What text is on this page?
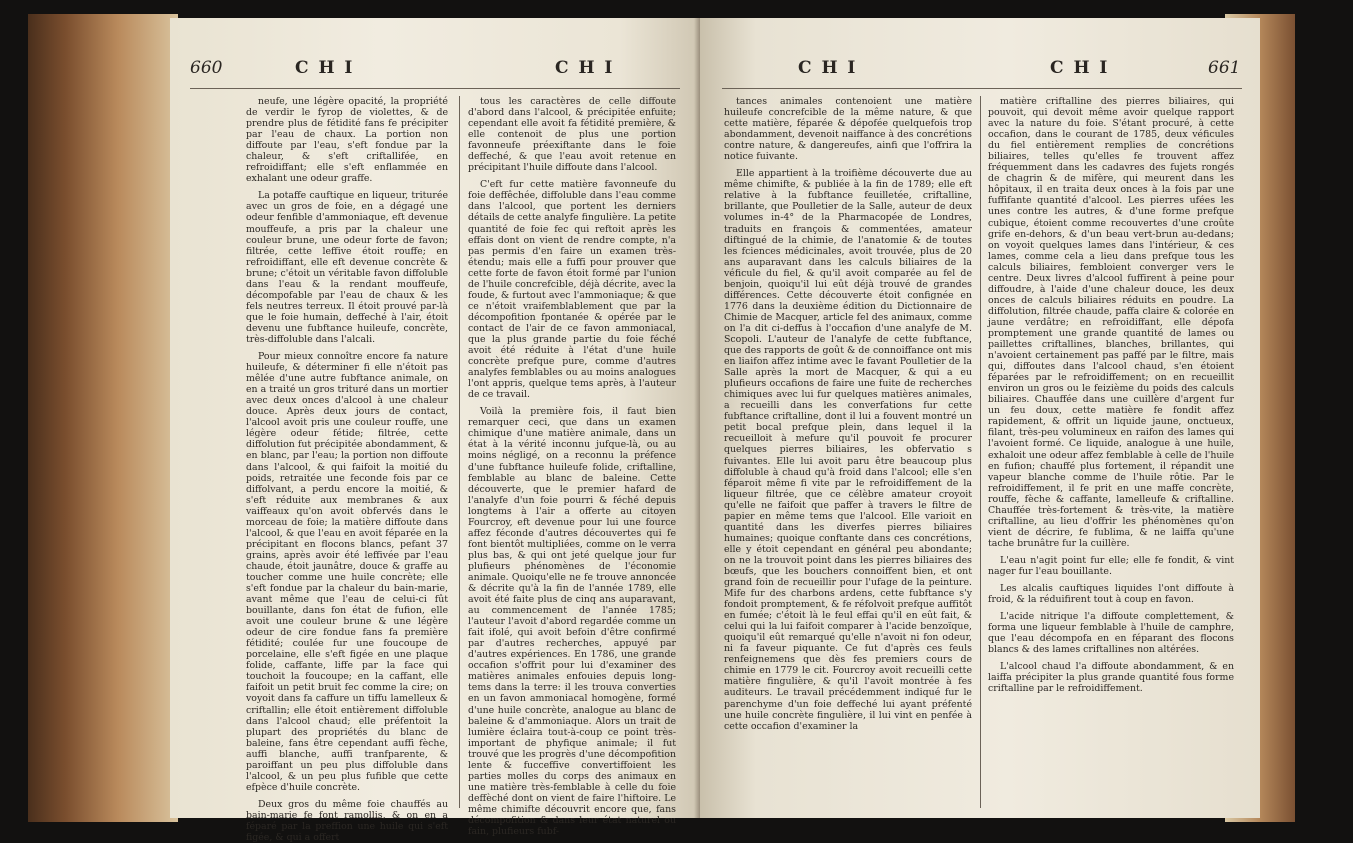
660	C H I	C H I

neufe, une légère opacité, la propriété de verdir le fyrop de violettes, & de prendre plus de fétidité fans fe précipiter par l'eau de chaux. La portion non diffoute par l'eau, s'eft fondue par la chaleur, & s'eft criftallifée, en refroidiffant; elle s'eft enflammée en exhalant une odeur graffe.

La potaffe cauftique en liqueur, triturée avec un gros de foie, en a dégagé une odeur fenfible d'ammoniaque, eft devenue mouffeufe, a pris par la chaleur une couleur brune, une odeur forte de favon; filtrée, cette leffive étoit rouffe; en refroidiffant, elle eft devenue concrète & brune; c'étoit un véritable favon diffoluble dans l'eau & la rendant mouffeufe, décompofable par l'eau de chaux & les fels neutres terreux. Il étoit prouvé par-là que le foie humain, deffeché à l'air, étoit devenu une fubftance huileufe, concrète, très-diffoluble dans l'alcali.

Pour mieux connoître encore fa nature huileufe, & déterminer fi elle n'étoit pas mêlée d'une autre fubftance animale, on en a traité un gros trituré dans un mortier avec deux onces d'alcool à une chaleur douce. Après deux jours de contact, l'alcool avoit pris une couleur rouffe, une légère odeur fétide; filtrée, cette diffolution fut précipitée abondamment, & en blanc, par l'eau; la portion non diffoute dans l'alcool, & qui faifoit la moitié du poids, retraitée une feconde fois par ce diffolvant, a perdu encore la moitié, & s'eft réduite aux membranes & aux vaiffeaux qu'on avoit obfervés dans le morceau de foie; la matière diffoute dans l'alcool, & que l'eau en avoit féparée en la précipitant en flocons blancs, pefant 37 grains, après avoir été leffivée par l'eau chaude, étoit jaunâtre, douce & graffe au toucher comme une huile concrète; elle s'eft fondue par la chaleur du bain-marie, avant même que l'eau de celui-ci fût bouillante, dans fon état de fufion, elle avoit une couleur brune & une légère odeur de cire fondue fans fa première fétidité; coulée fur une foucoupe de porcelaine, elle s'eft figée en une plaque folide, caffante, liffe par la face qui touchoit la foucoupe; en la caffant, elle faifoit un petit bruit fec comme la cire; on voyoit dans fa caffure un tiffu lamelleux & criftallin; elle étoit entièrement diffoluble dans l'alcool chaud; elle préfentoit la plupart des propriétés du blanc de baleine, fans être cependant auffi fèche, auffi blanche, auffi tranfparente, & paroiffant un peu plus diffoluble dans l'alcool, & un peu plus fufible que cette efpèce d'huile concrète.

Deux gros du même foie chauffés au bain-marie fe font ramollis, & on en a féparé par la preffion une huile qui s'eft figée, & qui a offert

tous les caractères de celle diffoute d'abord dans l'alcool, & précipitée enfuite; cependant elle avoit fa fétidité première, & elle contenoit de plus une portion favonneufe préexiftante dans le foie deffeché, & que l'eau avoit retenue en précipitant l'huile diffoute dans l'alcool.

C'eft fur cette matière favonneufe du foie deffêchée, diffoluble dans l'eau comme dans l'alcool, que portent les derniers détails de cette analyfe fingulière. La petite quantité de foie fec qui reftoit après les effais dont on vient de rendre compte, n'a pas permis d'en faire un examen très-étendu; mais elle a fuffi pour prouver que cette forte de favon étoit formé par l'union de l'huile concrefcible, déjà décrite, avec la foude, & furtout avec l'ammoniaque; & que ce n'étoit vraifemblablement que par la décompofition fpontanée & opérée par le contact de l'air de ce favon ammoniacal, que la plus grande partie du foie féché avoit été réduite à l'état d'une huile concrète prefque pure, comme d'autres analyfes femblables ou au moins analogues l'ont appris, quelque tems après, à l'auteur de ce travail.

Voilà la première fois, il faut bien remarquer ceci, que dans un examen chimique d'une matière animale, dans un état à la vérité inconnu jufque-là, ou au moins négligé, on a reconnu la préfence d'une fubftance huileufe folide, criftalline, femblable au blanc de baleine. Cette découverte, que le premier hafard de l'analyfe d'un foie pourri & féché depuis longtems à l'air a offerte au citoyen Fourcroy, eft devenue pour lui une fource affez féconde d'autres découvertes qui fe font bientôt multipliées, comme on le verra plus bas, & qui ont jeté quelque jour fur plufieurs phénomènes de l'économie animale. Quoiqu'elle ne fe trouve annoncée & décrite qu'à la fin de l'année 1789, elle avoit été faite plus de cinq ans auparavant, au commencement de l'année 1785; l'auteur l'avoit d'abord regardée comme un fait ifolé, qui avoit befoin d'être confirmé par d'autres recherches, appuyé par d'autres expériences. En 1786, une grande occafion s'offrit pour lui d'examiner des matières animales enfouies depuis long-tems dans la terre: il les trouva converties en un favon ammoniacal homogène, formé d'une huile concrète, analogue au blanc de baleine & d'ammoniaque. Alors un trait de lumière éclaira tout-à-coup ce point très-important de phyfique animale; il fut trouvé que les progrès d'une décompofition lente & fucceffive convertiffoient les parties molles du corps des animaux en une matière très-femblable à celle du foie deffèché dont on vient de faire l'hiftoire. Le même chimifte découvrit encore que, fans décompofition & dans leur état naturel ou fain, plufieurs fubf-

C H I	C H I	661

tances animales contenoient une matière huileufe concrefcible de la même nature, & que cette matière, féparée & dépofée quelquefois trop abondamment, devenoit naiffance à des concrétions contre nature, & dangereufes, ainfi que l'offrira la notice fuivante.

Elle appartient à la troifième découverte due au même chimifte, & publiée à la fin de 1789; elle eft relative à la fubftance feuilletée, criftalline, brillante, que Poulletier de la Salle, auteur de deux volumes in-4° de la Pharmacopée de Londres, traduits en françois & commentées, amateur diftingué de la chimie, de l'anatomie & de toutes les fciences médicinales, avoit trouvée, plus de 20 ans auparavant dans les calculs biliaires de la véficule du fiel, & qu'il avoit comparée au fel de benjoin, quoiqu'il lui eût déjà trouvé de grandes différences. Cette découverte étoit confignée en 1776 dans la deuxième édition du Dictionnaire de Chimie de Macquer, article fel des animaux, comme on l'a dit ci-deffus à l'occafion d'une analyfe de M. Scopoli. L'auteur de l'analyfe de cette fubftance, que des rapports de goût & de connoiffance ont mis en liaifon affez intime avec le favant Poulletier de la Salle après la mort de Macquer, & qui a eu plufieurs occafions de faire une fuite de recherches chimiques avec lui fur quelques matières animales, a recueilli dans les converfations fur cette fubftance criftalline, dont il lui a fouvent montré un petit bocal prefque plein, dans lequel il la recueilloit à mefure qu'il pouvoit fe procurer quelques pierres biliaires, les obfervatio s fuivantes. Elle lui avoit paru être beaucoup plus diffoluble à chaud qu'à froid dans l'alcool; elle s'en féparoit même fi vite par le refroidiffement de la liqueur filtrée, que ce célèbre amateur croyoit qu'elle ne faifoit que paffer à travers le filtre de papier en même tems que l'alcool. Elle varioit en quantité dans les diverfes pierres biliaires humaines; quoique conftante dans ces concrétions, elle y étoit cependant en général peu abondante; on ne la trouvoit point dans les pierres biliaires des bœufs, que les bouchers connoiffent bien, et ont grand foin de recueillir pour l'ufage de la peinture. Mife fur des charbons ardens, cette fubftance s'y fondoit promptement, & fe réfolvoit prefque auffitôt en fumée; c'étoit là le feul effai qu'il en eût fait, & celui qui la lui faifoit comparer à l'acide benzoïque, quoiqu'il eût remarqué qu'elle n'avoit ni fon odeur, ni fa faveur piquante. Ce fut d'après ces feuls renfeignemens que dès fes premiers cours de chimie en 1779 le cit. Fourcroy avoit recueilli cette matière fingulière, & qu'il l'avoit montrée à fes auditeurs. Le travail précédemment indiqué fur le parenchyme d'un foie deffeché lui ayant préfenté une huile concrète fingulière, il lui vint en penfée à cette occafion d'examiner la

matière criftalline des pierres biliaires, qui pouvoit, qui devoit même avoir quelque rapport avec la nature du foie. S'étant procuré, à cette occafion, dans le courant de 1785, deux véficules du fiel entièrement remplies de concrétions biliaires, telles qu'elles fe trouvent affez fréquemment dans les cadavres des fujets rongés de chagrin & de mifère, qui meurent dans les hôpitaux, il en traita deux onces à la fois par une fuffifante quantité d'alcool. Les pierres ufées les unes contre les autres, & d'une forme prefque cubique, étoient comme recouvertes d'une croûte grife en-dehors, & d'un beau vert-brun au-dedans; on voyoit quelques lames dans l'intérieur, & ces lames, comme cela a lieu dans prefque tous les calculs biliaires, fembloient converger vers le centre. Deux livres d'alcool fuffirent à peine pour diffoudre, à l'aide d'une chaleur douce, les deux onces de calculs biliaires réduits en poudre. La diffolution, filtrée chaude, paffa claire & colorée en jaune verdâtre; en refroidiffant, elle dépofa promptement une grande quantité de lames ou paillettes criftallines, blanches, brillantes, qui n'avoient certainement pas paffé par le filtre, mais qui, diffoutes dans l'alcool chaud, s'en étoient féparées par le refroidiffement; on en recueillit environ un gros ou le feizième du poids des calculs biliaires. Chauffée dans une cuillère d'argent fur un feu doux, cette matière fe fondit affez rapidement, & offrit un liquide jaune, onctueux, filant, très-peu volumineux en raifon des lames qui l'avoient formé. Ce liquide, analogue à une huile, exhaloit une odeur affez femblable à celle de l'huile en fufion; chauffé plus fortement, il répandit une vapeur blanche comme de l'huile rôtie. Par le refroidiffement, il fe prit en une maffe concrète, rouffe, fèche & caffante, lamelleufe & criftalline. Chauffée très-fortement & très-vite, la matière criftalline, au lieu d'offrir les phénomènes qu'on vient de décrire, fe fublima, & ne laiffa qu'une tache brunâtre fur la cuillère.

L'eau n'agit point fur elle; elle fe fondit, & vint nager fur l'eau bouillante.

Les alcalis cauftiques liquides l'ont diffoute à froid, & la réduifirent tout à coup en favon.

L'acide nitrique l'a diffoute complettement, & forma une liqueur femblable à l'huile de camphre, que l'eau décompofa en en féparant des flocons blancs & des lames criftallines non altérées.

L'alcool chaud l'a diffoute abondamment, & en laiffa précipiter la plus grande quantité fous forme criftalline par le refroidiffement.
